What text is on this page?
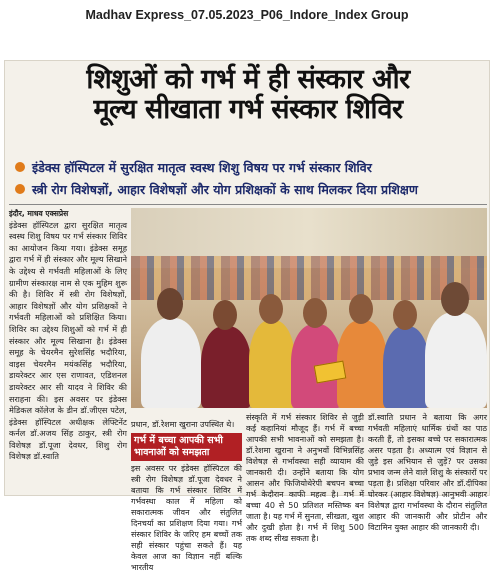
Madhav Express_07.05.2023_P06_Indore_Index Group
शिशुओं को गर्भ में ही संस्कार और
मूल्य सीखाता गर्भ संस्कार शिविर
इंडेक्स हॉस्पिटल में सुरक्षित मातृत्व स्वस्थ शिशु विषय पर गर्भ संस्कार शिविर
स्त्री रोग विशेषज्ञों, आहार विशेषज्ञों और योग प्रशिक्षकों के साथ मिलकर दिया प्रशिक्षण
इंदौर, माधव एक्सप्रेस
इंडेक्स हॉस्पिटल द्वारा सुरक्षित मातृत्व स्वस्थ शिशु विषय पर गर्भ संस्कार शिविर का आयोजन किया गया। इंडेक्स समूह द्वारा गर्भ में ही संस्कार और मूल्य सिखाने के उद्देश्य से गर्भवती महिलाओं के लिए ग्रामीण संस्कारक्ष नाम से एक मुहिम शुरू की है। शिविर में स्त्री रोग विशेषज्ञों, आहार विशेषज्ञों और योग प्रशिक्षकों ने गर्भवती महिलाओं को प्रशिक्षित किया। शिविर का उद्देश्य शिशुओं को गर्भ में ही संस्कार और मूल्य सिखाना है। इंडेक्स समूह के चेयरमैन सुरेशसिंह भदौरिया, वाइस चेयरमैन मयंकसिंह भदौरिया, डायरेक्टर आर एस राणावत, एडिशनल डायरेक्टर आर सी यादव ने शिविर की सराहना की। इस अवसर पर इंडेक्स मेडिकल कॉलेज के डीन डॉ.जीएस पटेल, इंडेक्स हॉस्पिटल अधीक्षक लेफ्टिनेंट कर्नल डॉ.अजय सिंह ठाकुर, स्त्री रोग विशेषज्ञ डॉ.पूजा देवधर, शिशु रोग विशेषज्ञ डॉ.स्वाति
प्रधान, डॉ.रेशमा खुराना उपस्थित थे।
गर्भ में बच्चा आपकी सभी भावनाओं को समझता
इस अवसर पर इंडेक्स हॉस्पिटल की स्त्री रोग विशेषज्ञ डॉ.पूजा देवधर ने बताया कि गर्भ संस्कार शिविर में गर्भवस्था काल में महिला को सकारात्मक जीवन और संतुलित दिनचर्या का प्रशिक्षण दिया गया। गर्भ संस्कार शिविर के जरिए हम बच्चों तक सही संस्कार पहुंचा सकते हैं। यह केवल आज का विज्ञान नहीं बल्कि भारतीय
संस्कृति में गर्भ संस्कार शिविर से जुड़ी कई कहानियां मौजूद हैं। गर्भ में बच्चा आपकी सभी भावनाओं को समझता है। डॉ.रेशमा खुराना ने अनुभवों विभिन्नसिंह विशेषज्ञ से गर्भावस्था सही व्यायाम की जानकारी दी। उन्होंने बताया कि योग आसन और फिजियोथेरेपी बचपन बच्चा गर्भ केदौरान काफी महत्व है। गर्भ में बच्चा 40 से 50 प्रतिशत मस्तिष्क बन जाता है। यह गर्भ में सुनता, सीखता, खुश और दुखी होता है। गर्भ में शिशु 500 तक शब्द सीख सकता है।
डॉ.स्वाति प्रधान ने बताया कि अगर गर्भवती महिलाएं धार्मिक ग्रंथों का पाठ करती हैं, तो इसका बच्चे पर सकारात्मक असर पड़ता है। अध्यात्म एवं विज्ञान से जुड़े इस अभियान से जुड़ें? पर उसका प्रभाव जन्म लेने वाले शिशु के संस्कारों पर पड़ता है। प्रशिक्षा परिवार और डॉ.दीपिका घोरकर (आहार विशेषज्ञ) आनुभवी आहार विशेषज्ञ द्वारा गर्भावस्था के दौरान संतुलित आहार की जानकारी और प्रोटीन और विटामिन युक्त आहार की जानकारी दी।
